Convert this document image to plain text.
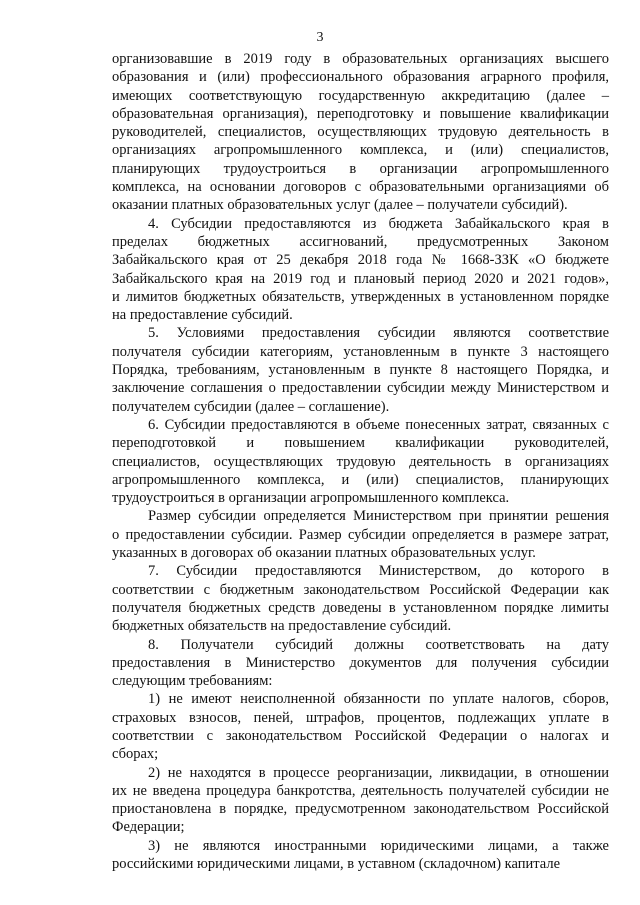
3
организовавшие в 2019 году в образовательных организациях высшего
образования и (или) профессионального образования аграрного профиля,
имеющих соответствующую государственную аккредитацию (далее –
образовательная организация), переподготовку и повышение квалификации
руководителей, специалистов, осуществляющих трудовую деятельность в
организациях агропромышленного комплекса, и (или) специалистов,
планирующих трудоустроиться в организации агропромышленного
комплекса, на основании договоров с образовательными организациями об
оказании платных образовательных услуг (далее – получатели субсидий).
4. Субсидии предоставляются из бюджета Забайкальского края в
пределах бюджетных ассигнований, предусмотренных Законом
Забайкальского края от 25 декабря 2018 года № 1668-ЗЗК «О бюджете
Забайкальского края на 2019 год и плановый период 2020 и 2021 годов»,
и лимитов бюджетных обязательств, утвержденных в установленном порядке
на предоставление субсидий.
5. Условиями предоставления субсидии являются соответствие
получателя субсидии категориям, установленным в пункте 3 настоящего
Порядка, требованиям, установленным в пункте 8 настоящего Порядка, и
заключение соглашения о предоставлении субсидии между Министерством и
получателем субсидии (далее – соглашение).
6. Субсидии предоставляются в объеме понесенных затрат, связанных с
переподготовкой и повышением квалификации руководителей,
специалистов, осуществляющих трудовую деятельность в организациях
агропромышленного комплекса, и (или) специалистов, планирующих
трудоустроиться в организации агропромышленного комплекса.
Размер субсидии определяется Министерством при принятии решения
о предоставлении субсидии. Размер субсидии определяется в размере затрат,
указанных в договорах об оказании платных образовательных услуг.
7. Субсидии предоставляются Министерством, до которого в
соответствии с бюджетным законодательством Российской Федерации как
получателя бюджетных средств доведены в установленном порядке лимиты
бюджетных обязательств на предоставление субсидий.
8. Получатели субсидий должны соответствовать на дату
предоставления в Министерство документов для получения субсидии
следующим требованиям:
1) не имеют неисполненной обязанности по уплате налогов, сборов,
страховых взносов, пеней, штрафов, процентов, подлежащих уплате в
соответствии с законодательством Российской Федерации о налогах и
сборах;
2) не находятся в процессе реорганизации, ликвидации, в отношении
их не введена процедура банкротства, деятельность получателей субсидии не
приостановлена в порядке, предусмотренном законодательством Российской
Федерации;
3) не являются иностранными юридическими лицами, а также
российскими юридическими лицами, в уставном (складочном) капитале
